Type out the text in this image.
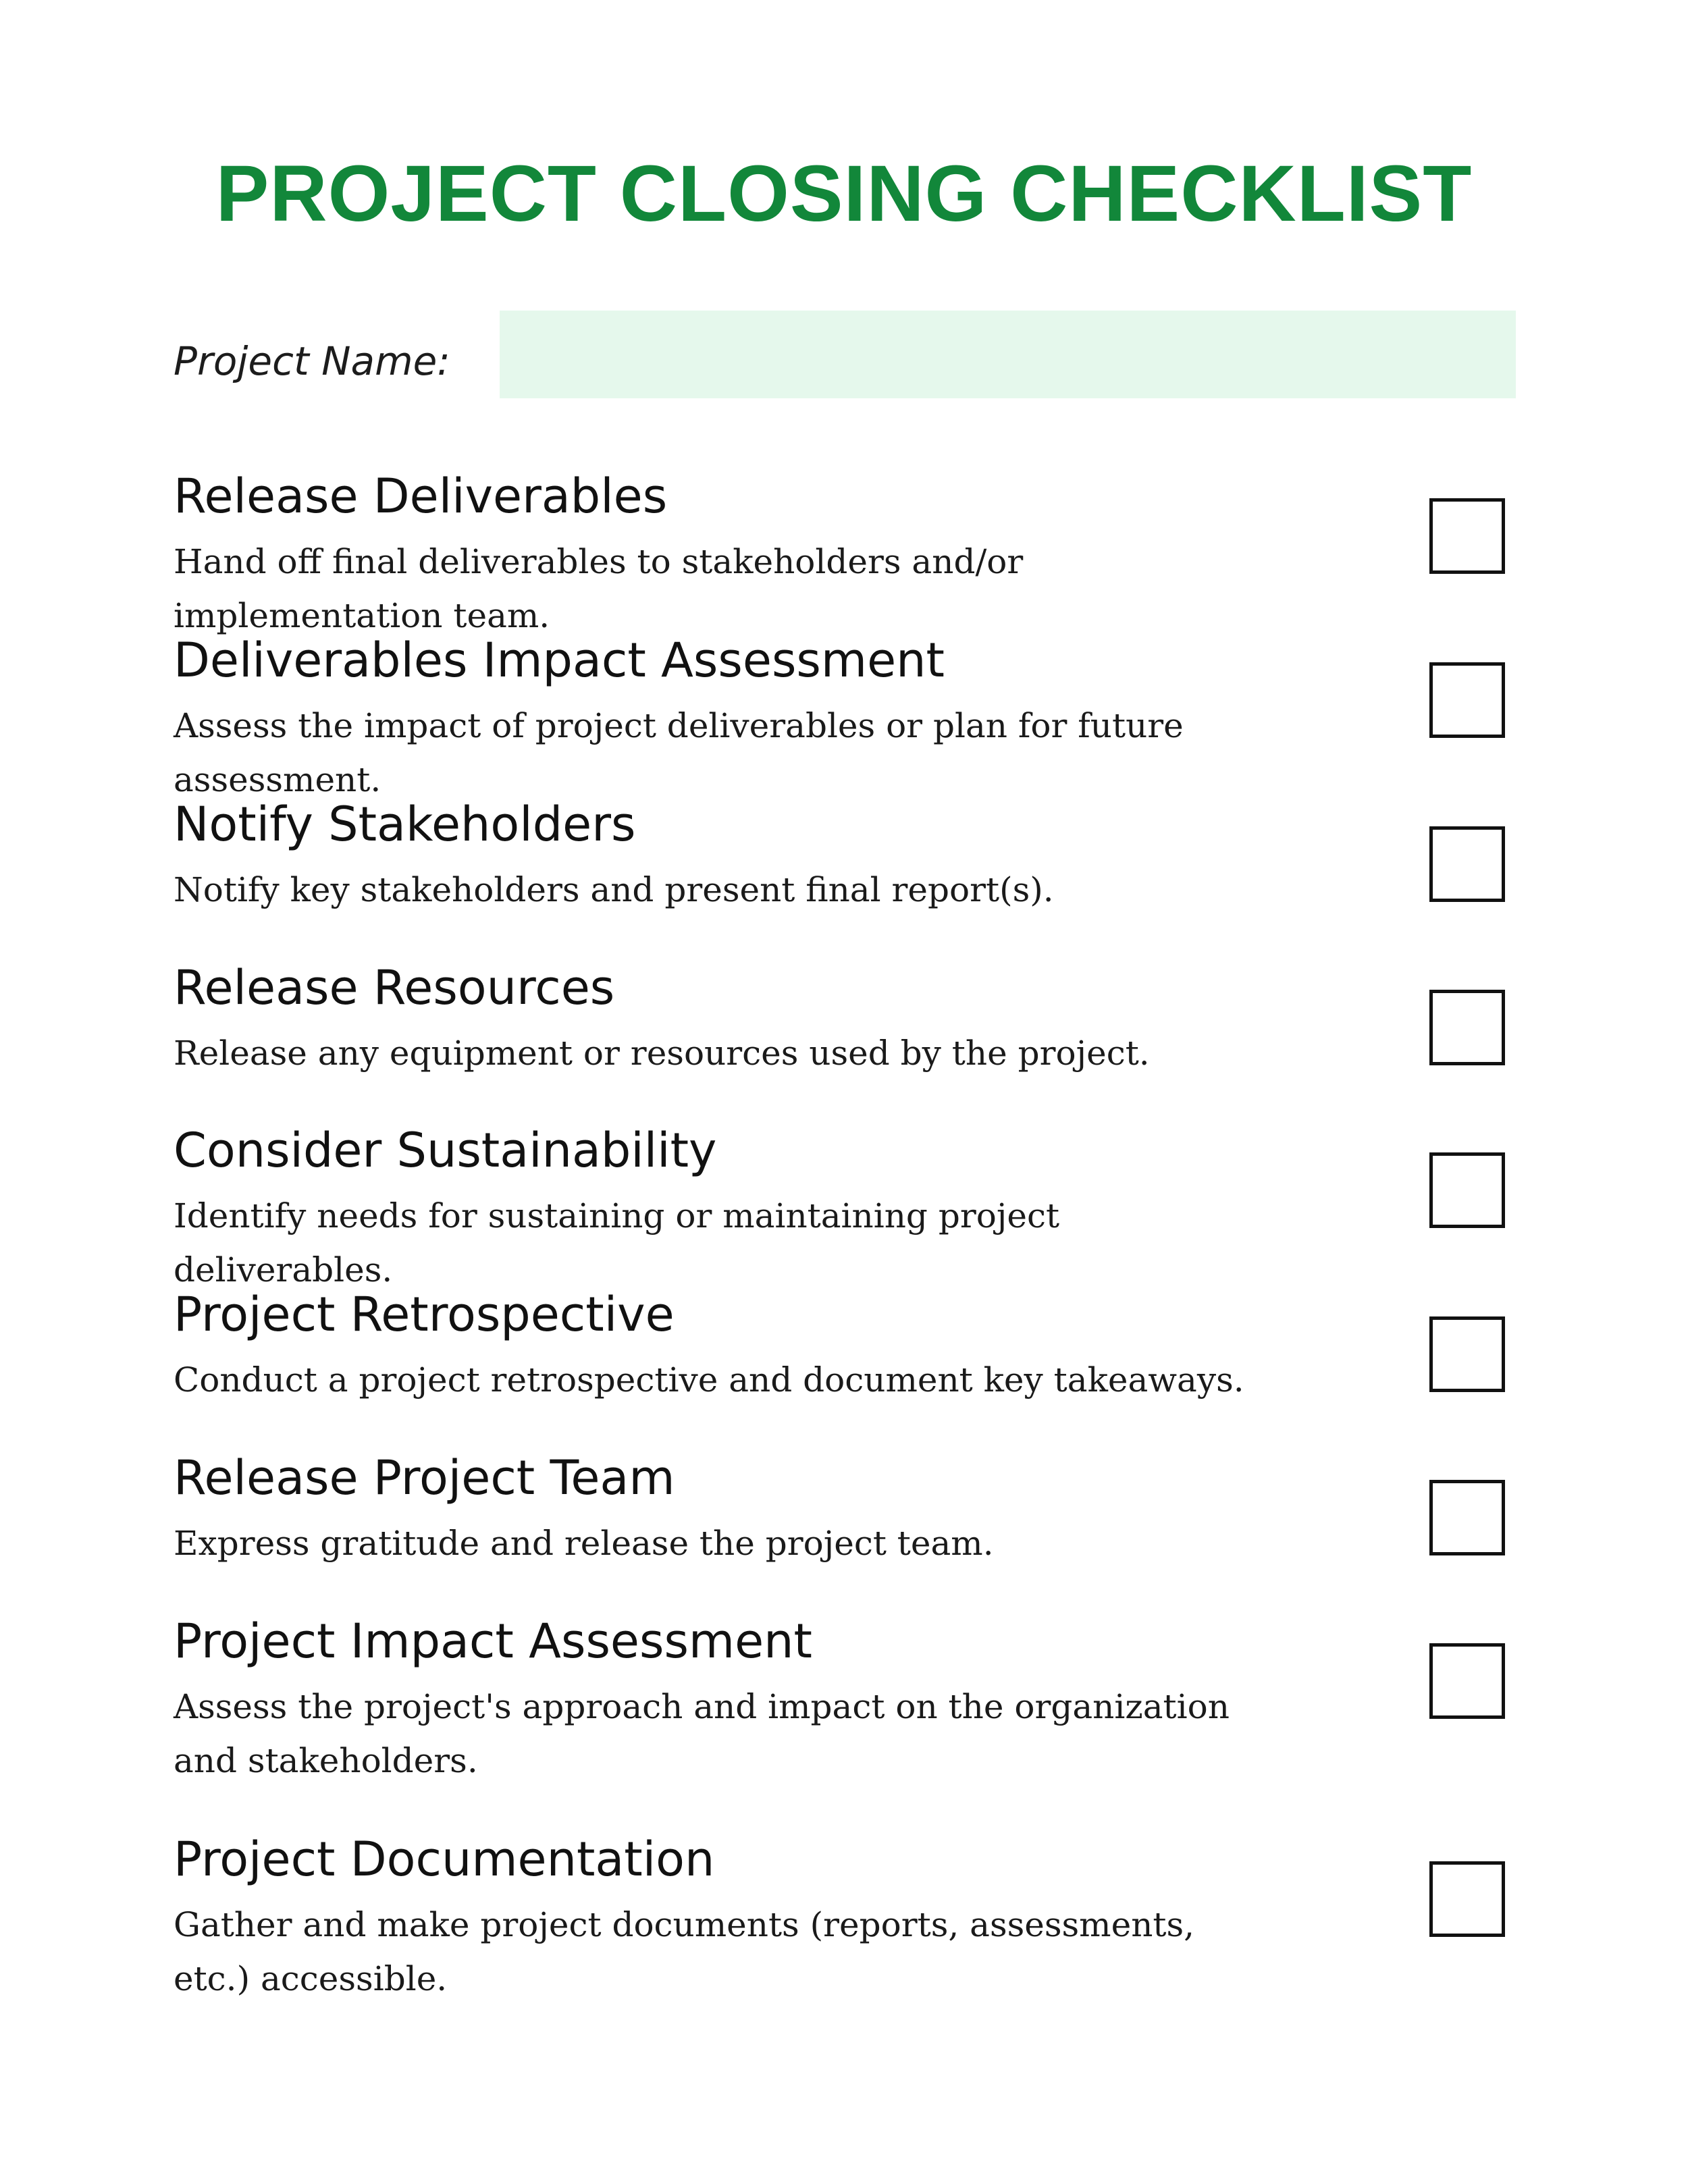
PROJECT CLOSING CHECKLIST
Project Name:
Release Deliverables
Hand off final deliverables to stakeholders and/or implementation team.
Deliverables Impact Assessment
Assess the impact of project deliverables or plan for future assessment.
Notify Stakeholders
Notify key stakeholders and present final report(s).
Release Resources
Release any equipment or resources used by the project.
Consider Sustainability
Identify needs for sustaining or maintaining project deliverables.
Project Retrospective
Conduct a project retrospective and document key takeaways.
Release Project Team
Express gratitude and release the project team.
Project Impact Assessment
Assess the project's approach and impact on the organization and stakeholders.
Project Documentation
Gather and make project documents (reports, assessments, etc.) accessible.
